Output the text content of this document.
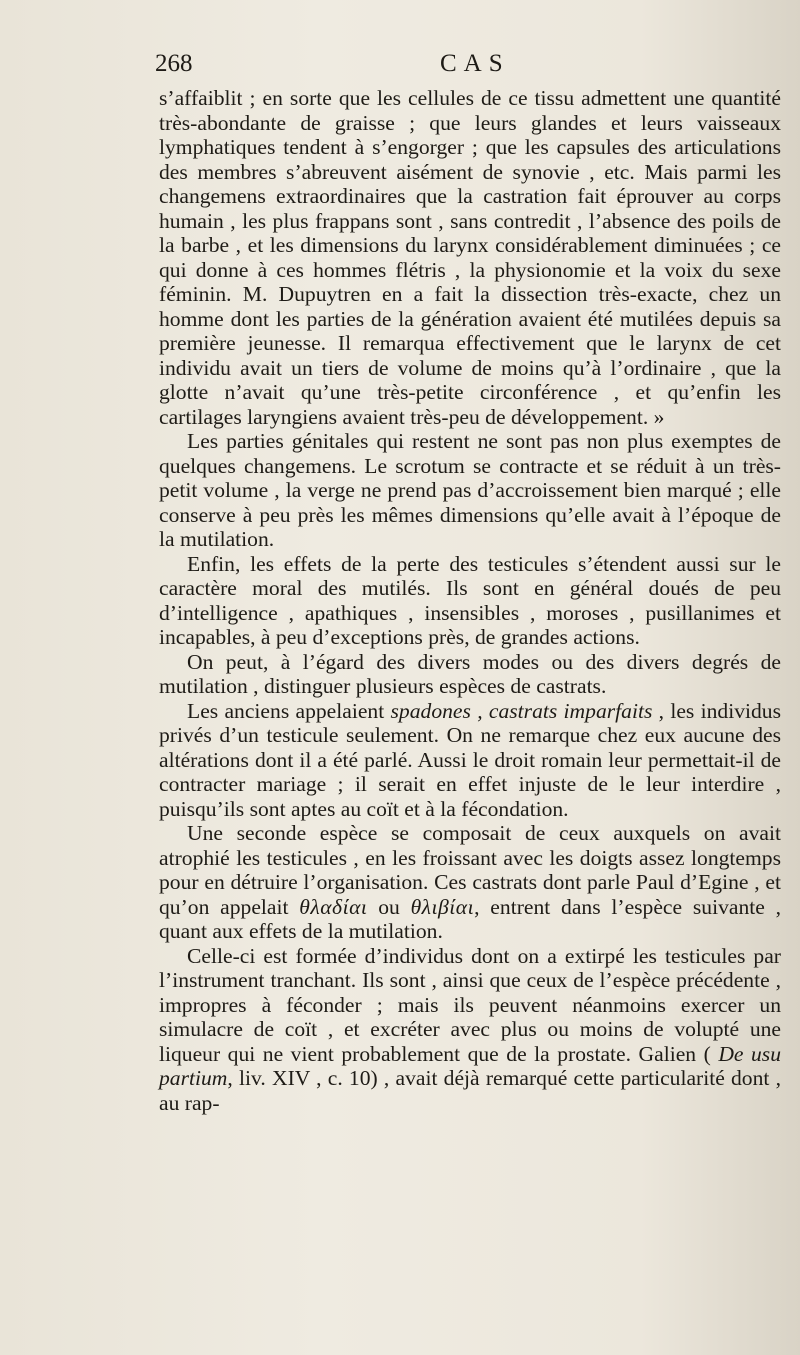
268	CAS

s’affaiblit ; en sorte que les cellules de ce tissu admettent une quantité très-abondante de graisse ; que leurs glandes et leurs vaisseaux lymphatiques tendent à s’engorger ; que les capsules des articulations des membres s’abreuvent aisément de synovie , etc. Mais parmi les changemens extraordinaires que la castration fait éprouver au corps humain , les plus frappans sont , sans contredit , l’absence des poils de la barbe , et les dimensions du larynx considérablement diminuées ; ce qui donne à ces hommes flétris , la physionomie et la voix du sexe féminin. M. Dupuytren en a fait la dissection très-exacte, chez un homme dont les parties de la génération avaient été mutilées depuis sa première jeunesse. Il remarqua effectivement que le larynx de cet individu avait un tiers de volume de moins qu’à l’ordinaire , que la glotte n’avait qu’une très-petite circonférence , et qu’enfin les cartilages laryngiens avaient très-peu de développement. »

Les parties génitales qui restent ne sont pas non plus exemptes de quelques changemens. Le scrotum se contracte et se réduit à un très-petit volume , la verge ne prend pas d’accroissement bien marqué ; elle conserve à peu près les mêmes dimensions qu’elle avait à l’époque de la mutilation.

Enfin, les effets de la perte des testicules s’étendent aussi sur le caractère moral des mutilés. Ils sont en général doués de peu d’intelligence , apathiques , insensibles , moroses , pusillanimes et incapables, à peu d’exceptions près, de grandes actions.

On peut, à l’égard des divers modes ou des divers degrés de mutilation , distinguer plusieurs espèces de castrats.

Les anciens appelaient spadones , castrats imparfaits , les individus privés d’un testicule seulement. On ne remarque chez eux aucune des altérations dont il a été parlé. Aussi le droit romain leur permettait-il de contracter mariage ; il serait en effet injuste de le leur interdire , puisqu’ils sont aptes au coït et à la fécondation.

Une seconde espèce se composait de ceux auxquels on avait atrophié les testicules , en les froissant avec les doigts assez longtemps pour en détruire l’organisation. Ces castrats dont parle Paul d’Egine , et qu’on appelait θλαδίαι ou θλιβίαι, entrent dans l’espèce suivante , quant aux effets de la mutilation.

Celle-ci est formée d’individus dont on a extirpé les testicules par l’instrument tranchant. Ils sont , ainsi que ceux de l’espèce précédente , impropres à féconder ; mais ils peuvent néanmoins exercer un simulacre de coït , et excréter avec plus ou moins de volupté une liqueur qui ne vient probablement que de la prostate. Galien ( De usu partium, liv. XIV , c. 10) , avait déjà remarqué cette particularité dont , au rap-
